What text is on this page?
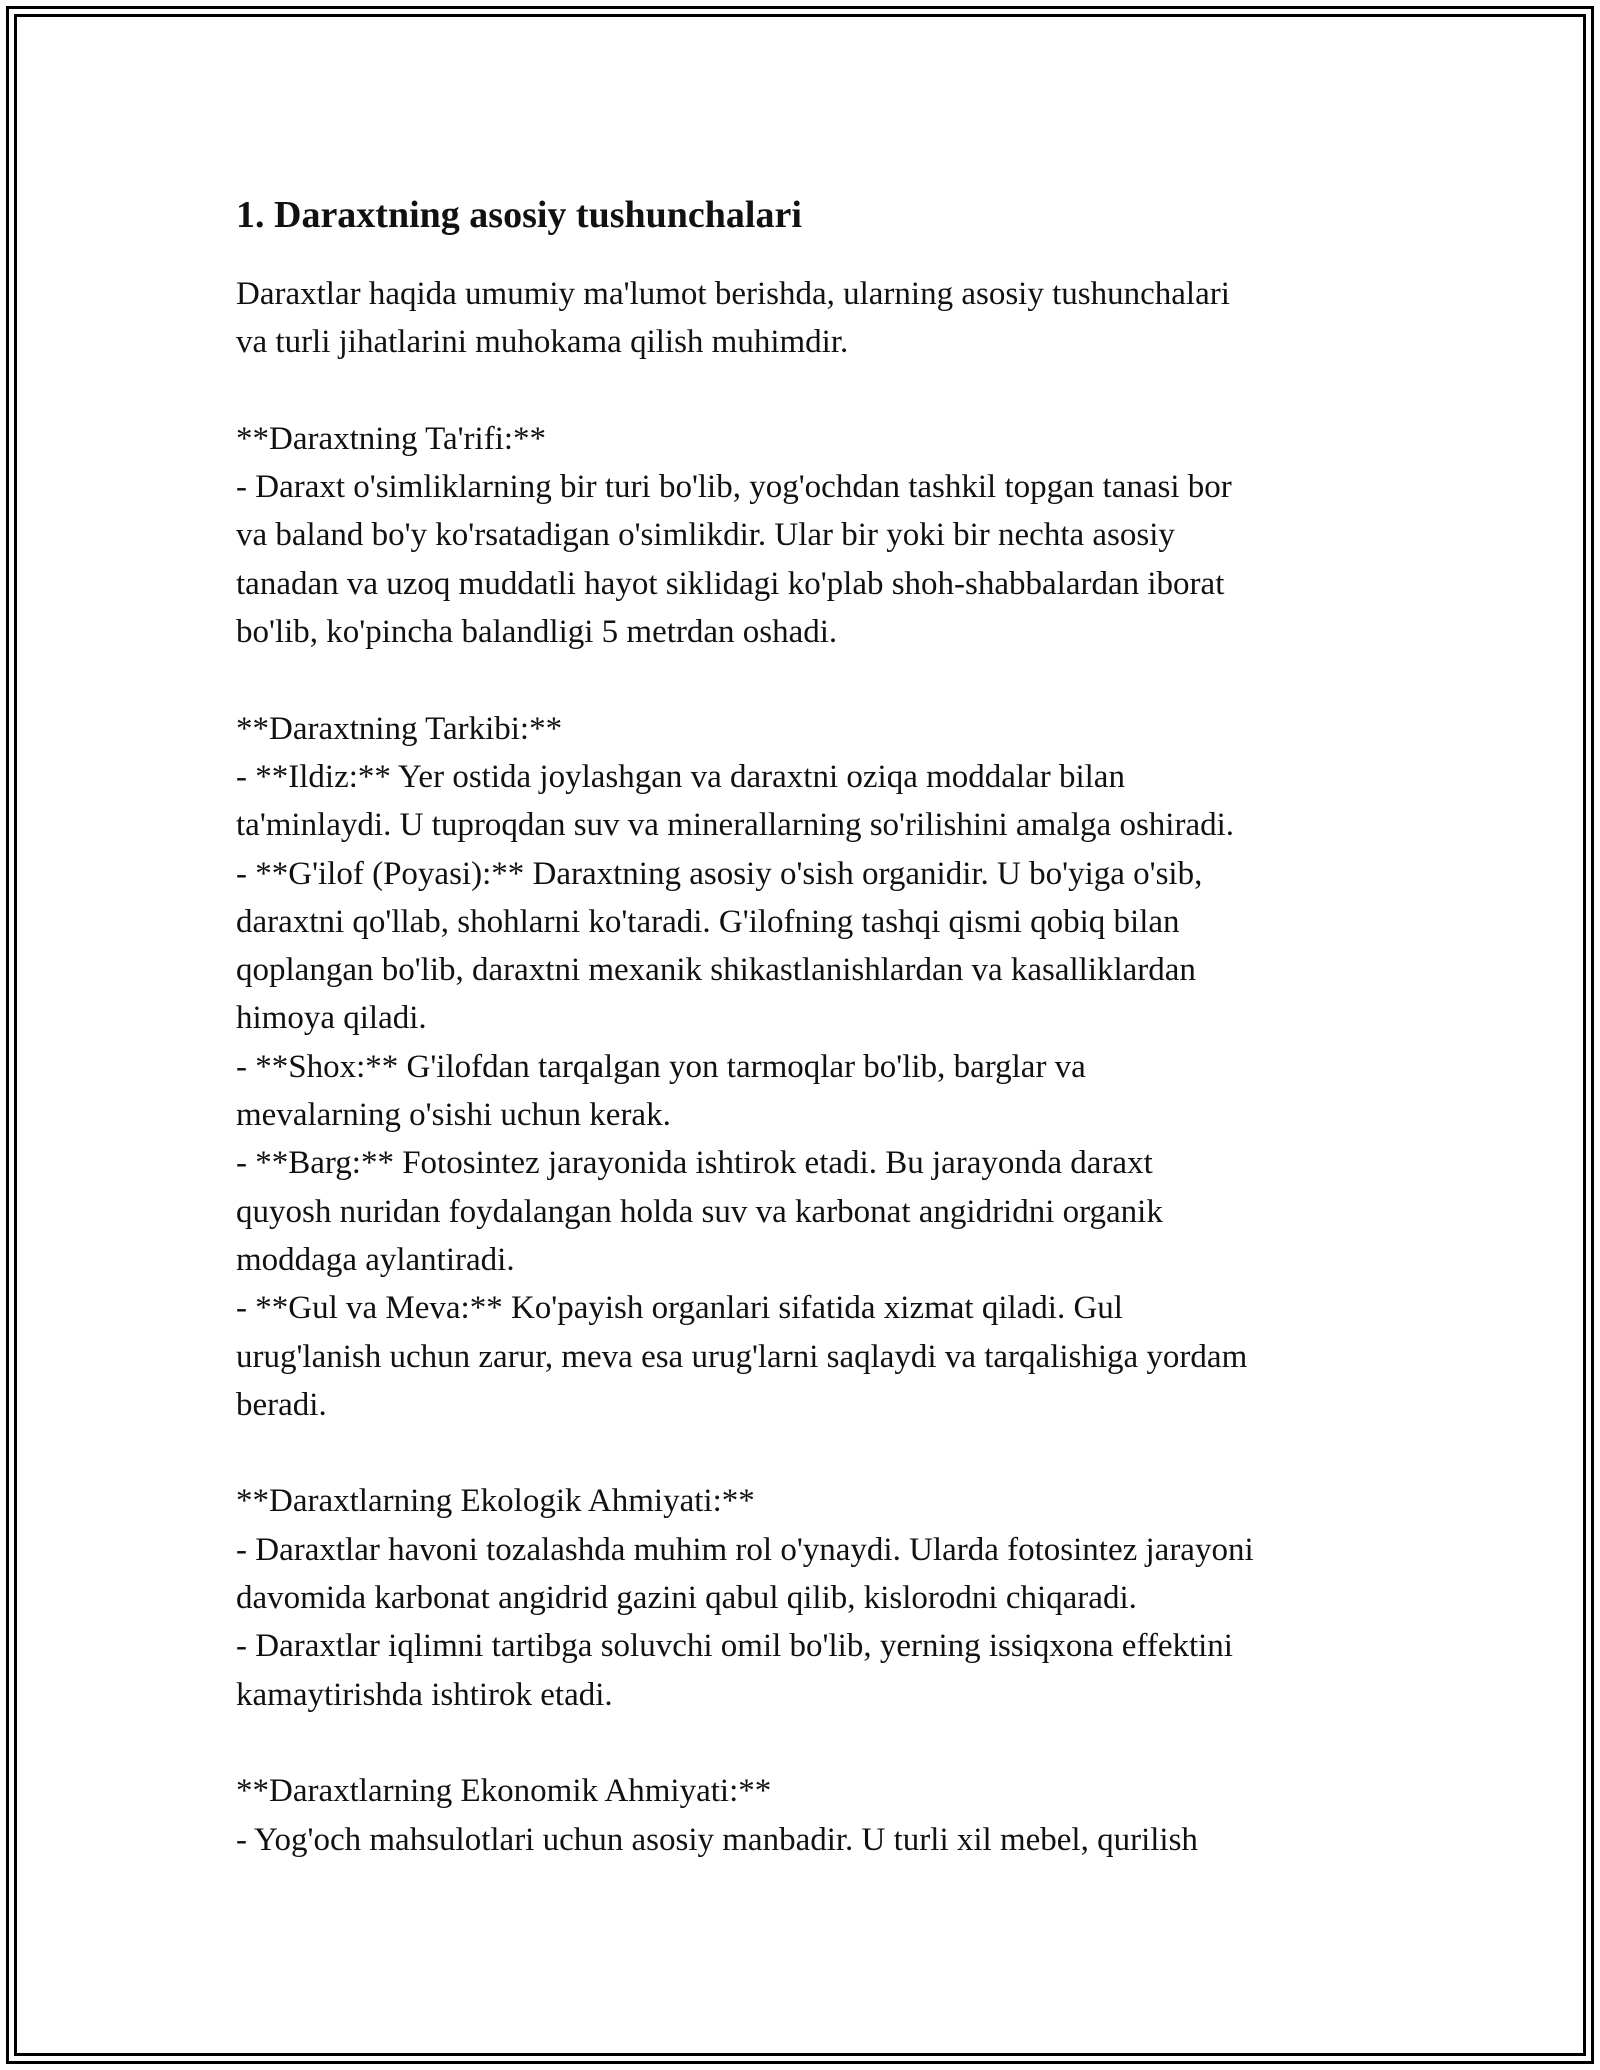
1. Daraxtning asosiy tushunchalari
Daraxtlar haqida umumiy ma'lumot berishda, ularning asosiy tushunchalari
va turli jihatlarini muhokama qilish muhimdir.
**Daraxtning Ta'rifi:**
- Daraxt o'simliklarning bir turi bo'lib, yog'ochdan tashkil topgan tanasi bor
va baland bo'y ko'rsatadigan o'simlikdir. Ular bir yoki bir nechta asosiy
tanadan va uzoq muddatli hayot siklidagi ko'plab shoh-shabbalardan iborat
bo'lib, ko'pincha balandligi 5 metrdan oshadi.
**Daraxtning Tarkibi:**
- **Ildiz:** Yer ostida joylashgan va daraxtni oziqa moddalar bilan
ta'minlaydi. U tuproqdan suv va minerallarning so'rilishini amalga oshiradi.
- **G'ilof (Poyasi):** Daraxtning asosiy o'sish organidir. U bo'yiga o'sib,
daraxtni qo'llab, shohlarni ko'taradi. G'ilofning tashqi qismi qobiq bilan
qoplangan bo'lib, daraxtni mexanik shikastlanishlardan va kasalliklardan
himoya qiladi.
- **Shox:** G'ilofdan tarqalgan yon tarmoqlar bo'lib, barglar va
mevalarning o'sishi uchun kerak.
- **Barg:** Fotosintez jarayonida ishtirok etadi. Bu jarayonda daraxt
quyosh nuridan foydalangan holda suv va karbonat angidridni organik
moddaga aylantiradi.
- **Gul va Meva:** Ko'payish organlari sifatida xizmat qiladi. Gul
urug'lanish uchun zarur, meva esa urug'larni saqlaydi va tarqalishiga yordam
beradi.
**Daraxtlarning Ekologik Ahmiyati:**
- Daraxtlar havoni tozalashda muhim rol o'ynaydi. Ularda fotosintez jarayoni
davomida karbonat angidrid gazini qabul qilib, kislorodni chiqaradi.
- Daraxtlar iqlimni tartibga soluvchi omil bo'lib, yerning issiqxona effektini
kamaytirishda ishtirok etadi.
**Daraxtlarning Ekonomik Ahmiyati:**
- Yog'och mahsulotlari uchun asosiy manbadir. U turli xil mebel, qurilish
